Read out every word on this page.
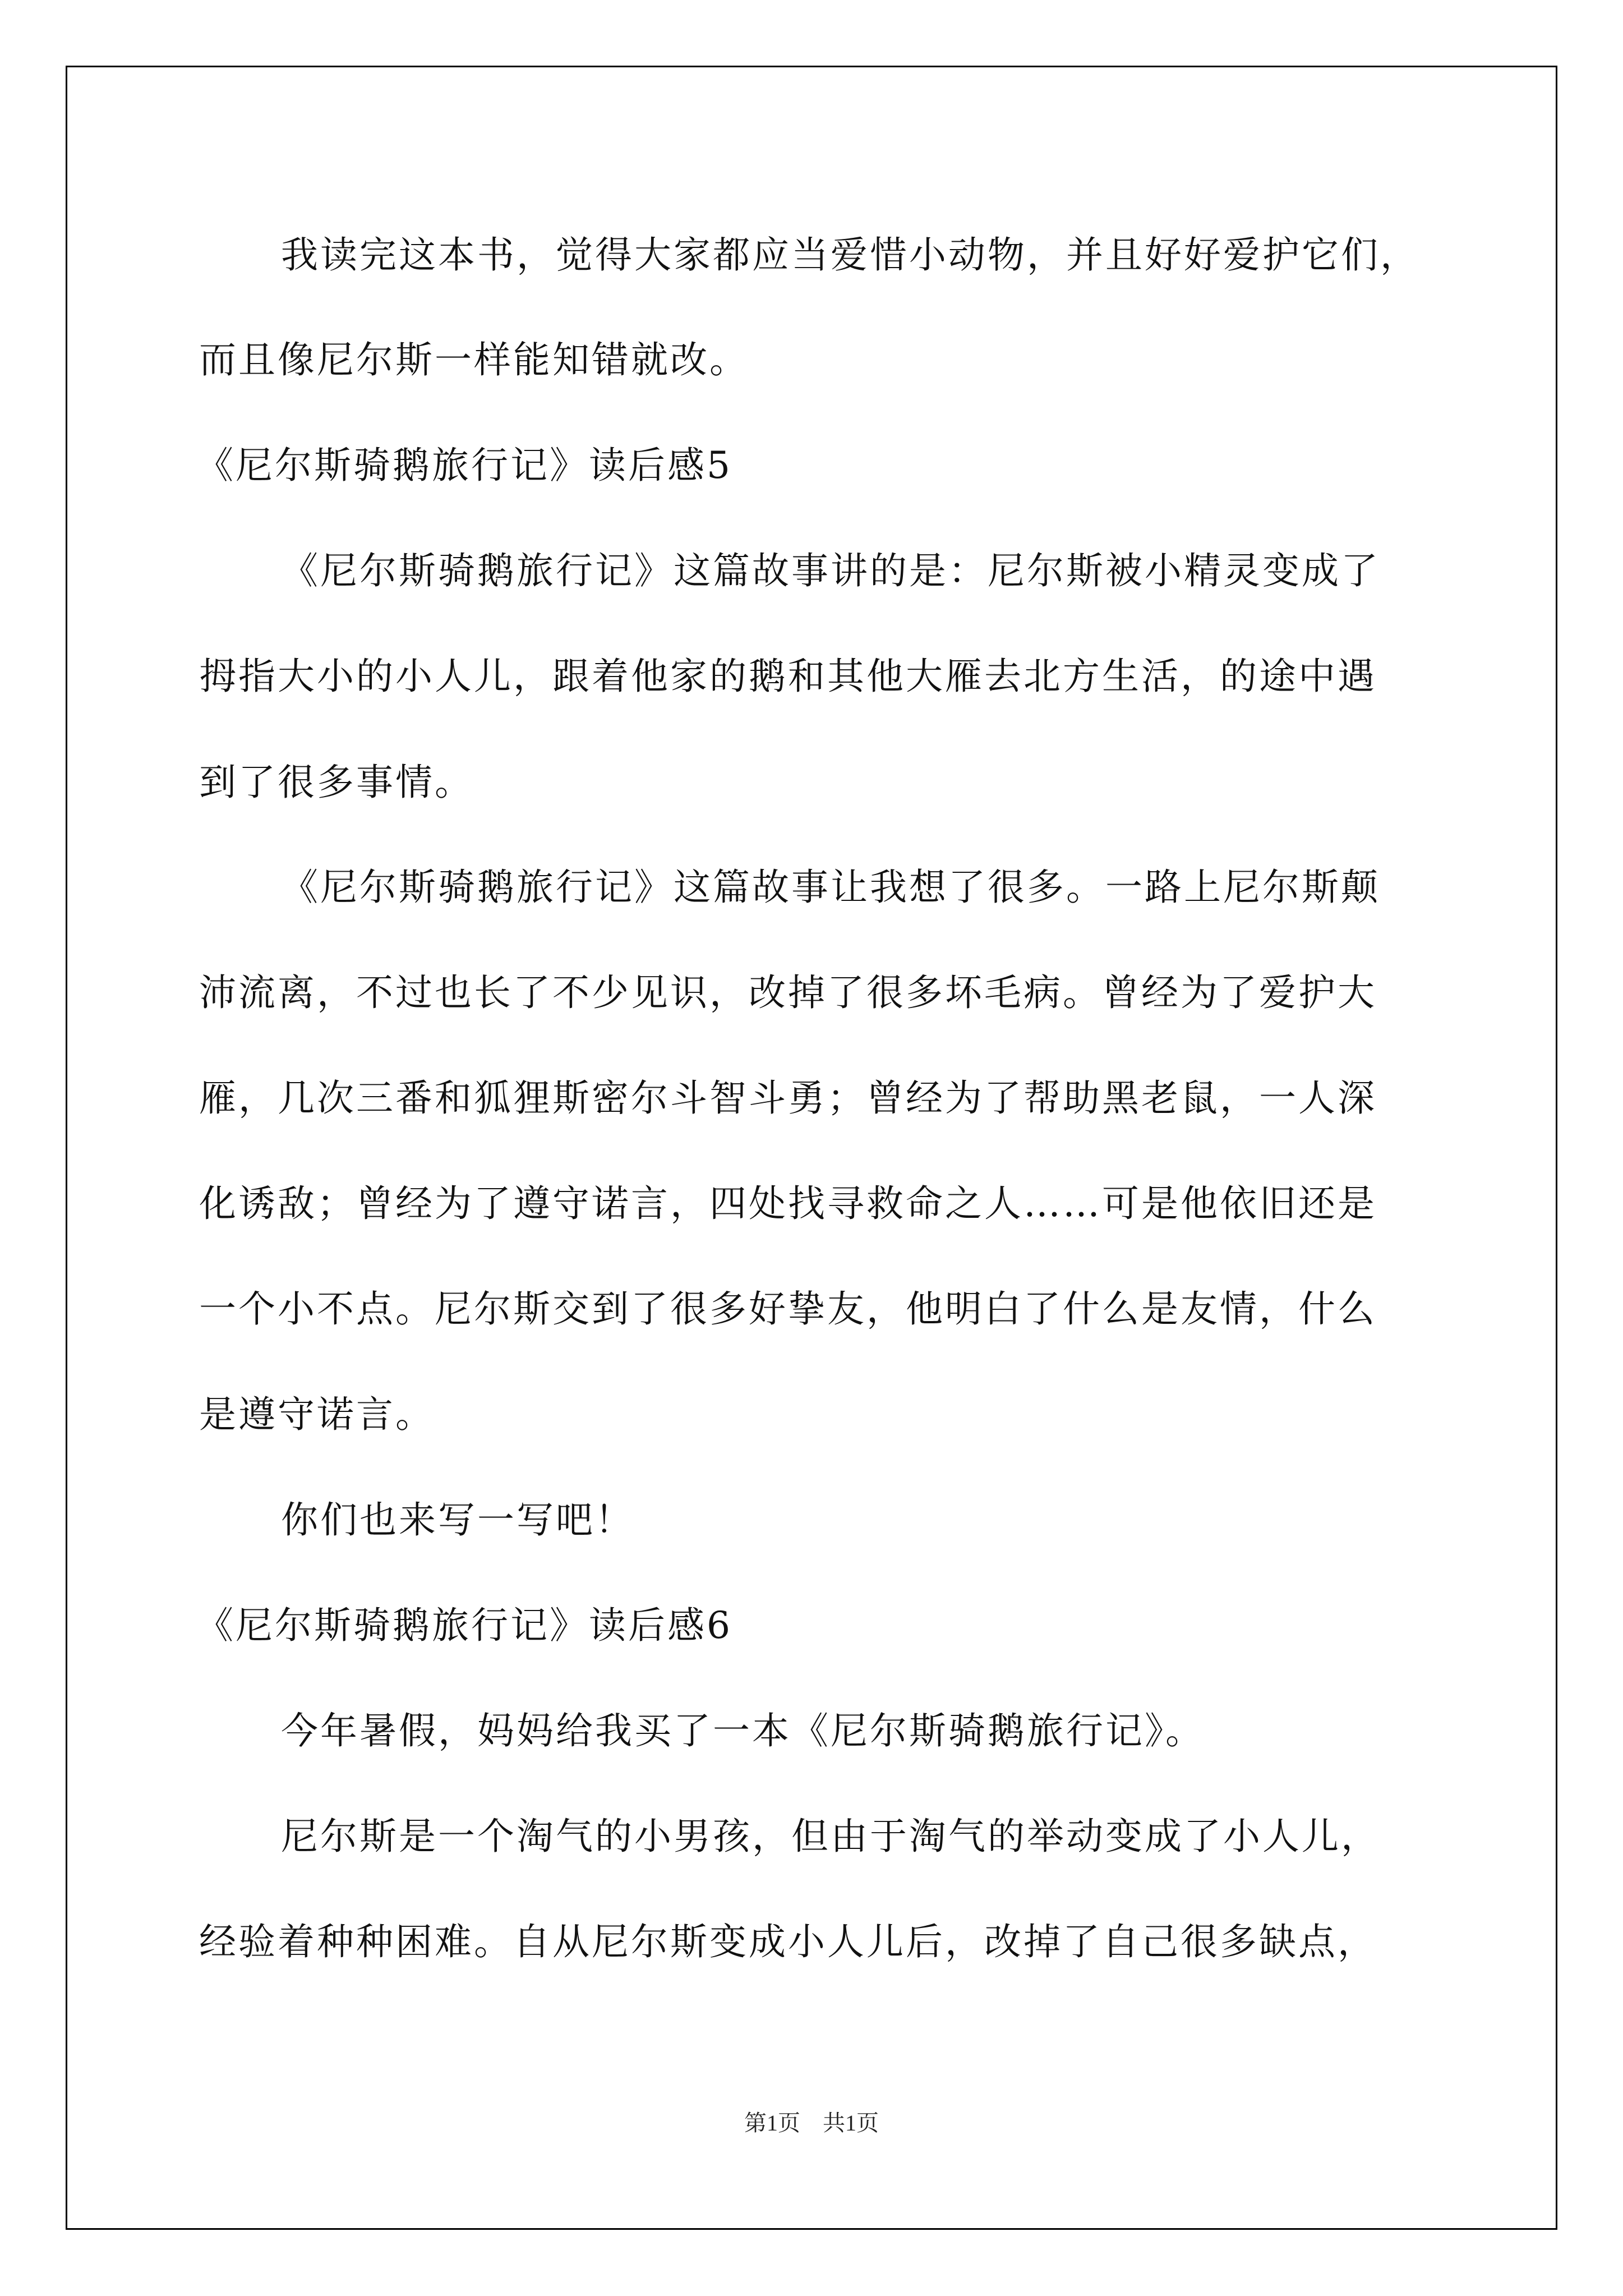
我读完这本书，觉得大家都应当爱惜小动物，并且好好爱护它们，
而且像尼尔斯一样能知错就改。
《尼尔斯骑鹅旅行记》读后感5
《尼尔斯骑鹅旅行记》这篇故事讲的是：尼尔斯被小精灵变成了
拇指大小的小人儿，跟着他家的鹅和其他大雁去北方生活，的途中遇
到了很多事情。
《尼尔斯骑鹅旅行记》这篇故事让我想了很多。一路上尼尔斯颠
沛流离，不过也长了不少见识，改掉了很多坏毛病。曾经为了爱护大
雁，几次三番和狐狸斯密尔斗智斗勇；曾经为了帮助黑老鼠，一人深
化诱敌；曾经为了遵守诺言，四处找寻救命之人……可是他依旧还是
一个小不点。尼尔斯交到了很多好挚友，他明白了什么是友情，什么
是遵守诺言。
你们也来写一写吧！
《尼尔斯骑鹅旅行记》读后感6
今年暑假，妈妈给我买了一本《尼尔斯骑鹅旅行记》。
尼尔斯是一个淘气的小男孩，但由于淘气的举动变成了小人儿，
经验着种种困难。自从尼尔斯变成小人儿后，改掉了自己很多缺点，
第1页　共1页
